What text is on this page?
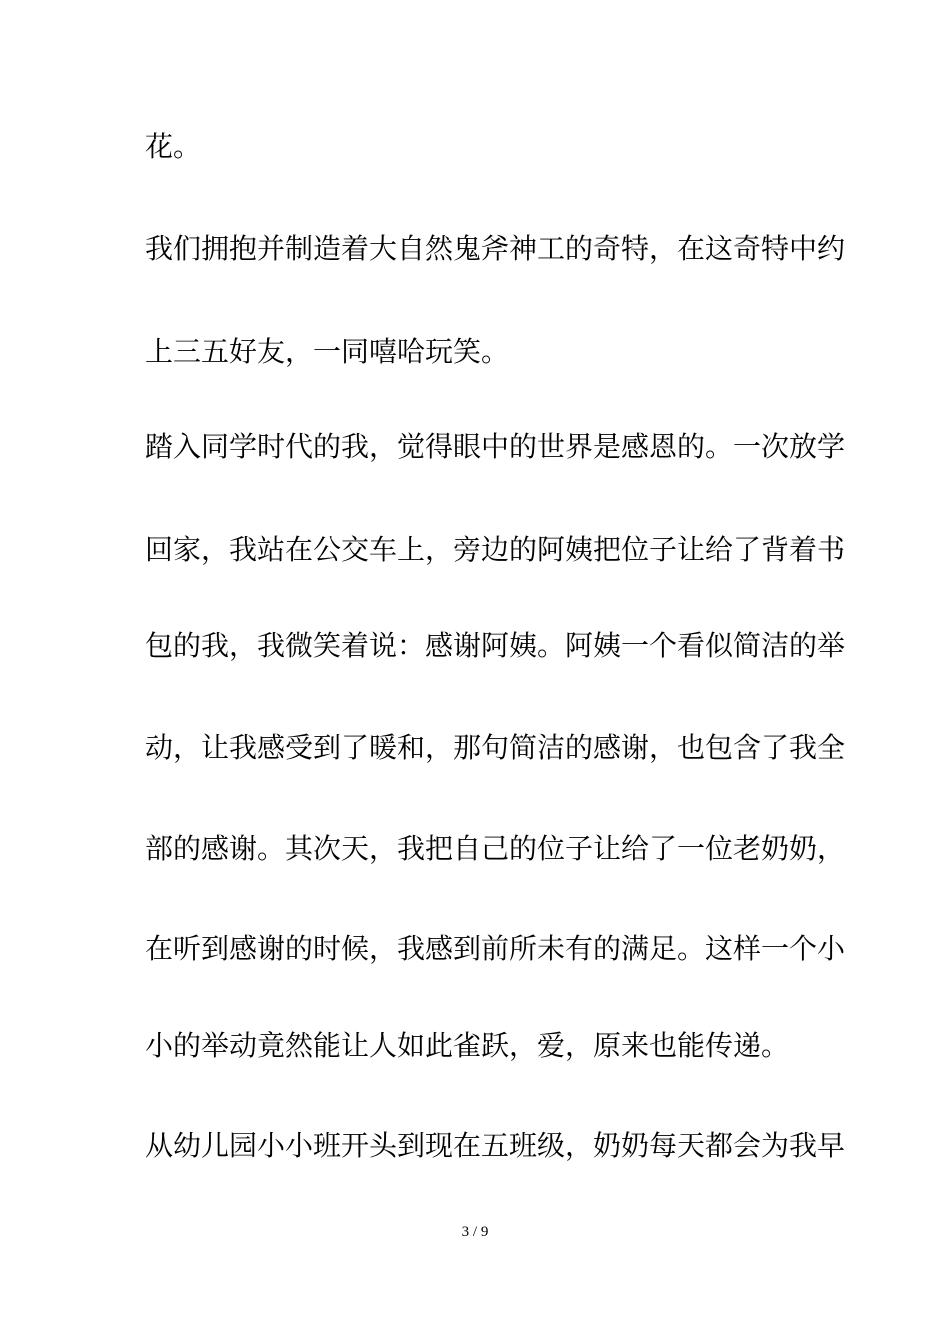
花。
我们拥抱并制造着大自然鬼斧神工的奇特，在这奇特中约
上三五好友，一同嘻哈玩笑。
踏入同学时代的我，觉得眼中的世界是感恩的。一次放学
回家，我站在公交车上，旁边的阿姨把位子让给了背着书
包的我，我微笑着说：感谢阿姨。阿姨一个看似简洁的举
动，让我感受到了暖和，那句简洁的感谢，也包含了我全
部的感谢。其次天，我把自己的位子让给了一位老奶奶，
在听到感谢的时候，我感到前所未有的满足。这样一个小
小的举动竟然能让人如此雀跃，爱，原来也能传递。
从幼儿园小小班开头到现在五班级，奶奶每天都会为我早
3 / 9
